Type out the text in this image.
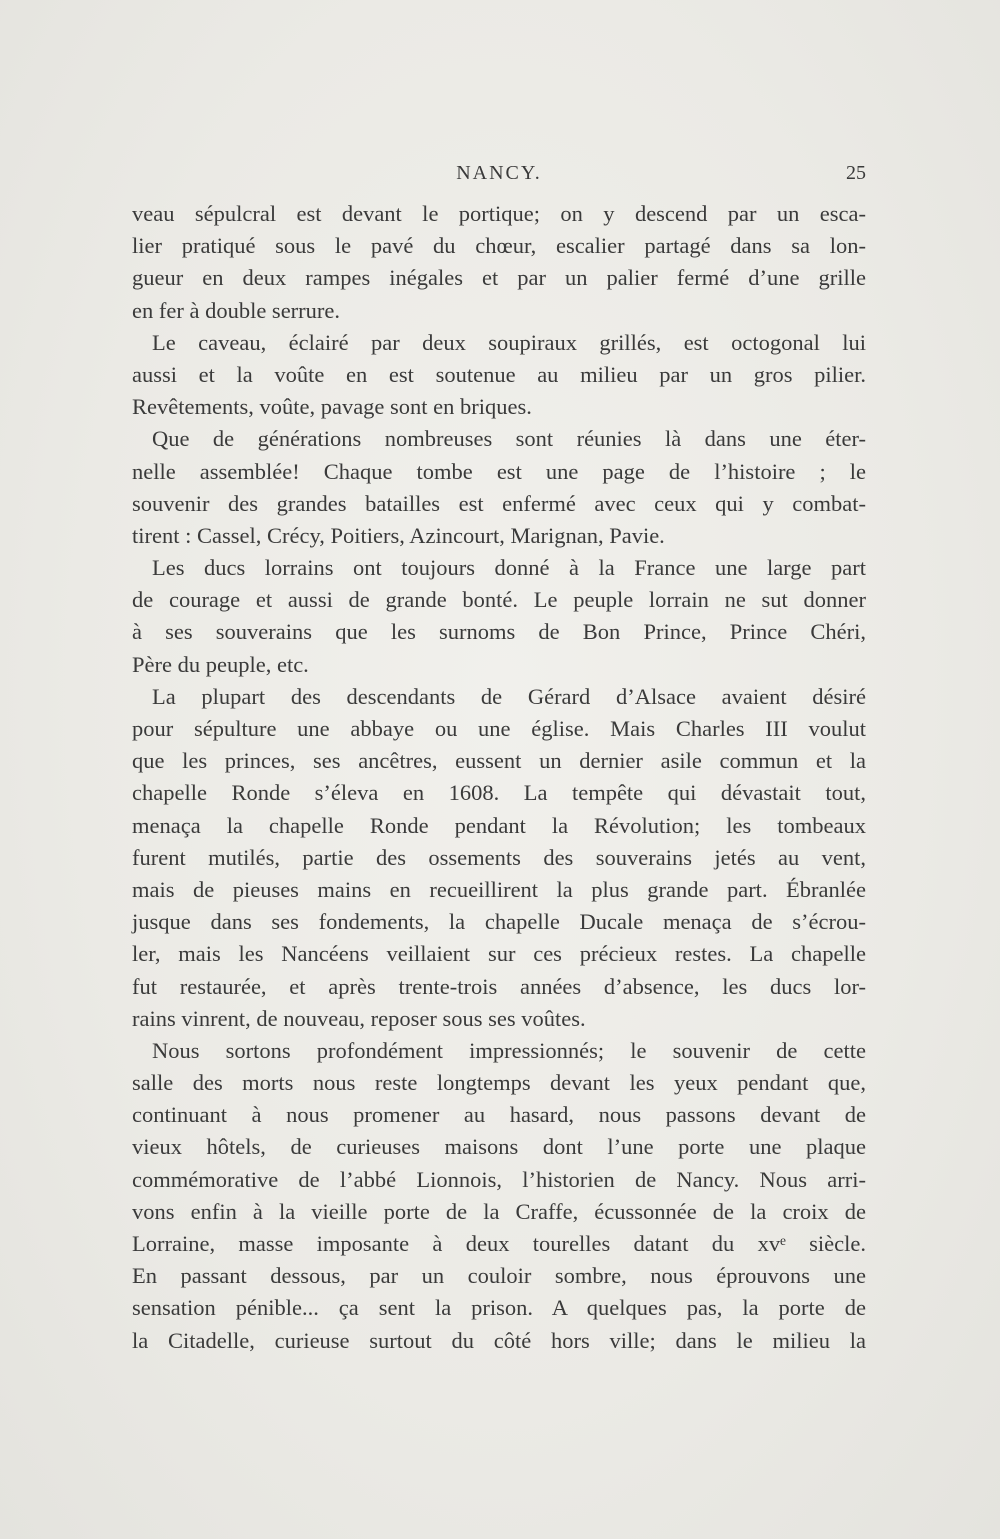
NANCY.	25
veau sépulcral est devant le portique; on y descend par un esca-
lier pratiqué sous le pavé du chœur, escalier partagé dans sa lon-
gueur en deux rampes inégales et par un palier fermé d’une grille
en fer à double serrure.
Le caveau, éclairé par deux soupiraux grillés, est octogonal lui
aussi et la voûte en est soutenue au milieu par un gros pilier.
Revêtements, voûte, pavage sont en briques.
Que de générations nombreuses sont réunies là dans une éter-
nelle assemblée! Chaque tombe est une page de l’histoire ; le
souvenir des grandes batailles est enfermé avec ceux qui y combat-
tirent : Cassel, Crécy, Poitiers, Azincourt, Marignan, Pavie.
Les ducs lorrains ont toujours donné à la France une large part
de courage et aussi de grande bonté. Le peuple lorrain ne sut donner
à ses souverains que les surnoms de Bon Prince, Prince Chéri,
Père du peuple, etc.
La plupart des descendants de Gérard d’Alsace avaient désiré
pour sépulture une abbaye ou une église. Mais Charles III voulut
que les princes, ses ancêtres, eussent un dernier asile commun et la
chapelle Ronde s’éleva en 1608. La tempête qui dévastait tout,
menaça la chapelle Ronde pendant la Révolution; les tombeaux
furent mutilés, partie des ossements des souverains jetés au vent,
mais de pieuses mains en recueillirent la plus grande part. Ébranlée
jusque dans ses fondements, la chapelle Ducale menaça de s’écrou-
ler, mais les Nancéens veillaient sur ces précieux restes. La chapelle
fut restaurée, et après trente-trois années d’absence, les ducs lor-
rains vinrent, de nouveau, reposer sous ses voûtes.
Nous sortons profondément impressionnés; le souvenir de cette
salle des morts nous reste longtemps devant les yeux pendant que,
continuant à nous promener au hasard, nous passons devant de
vieux hôtels, de curieuses maisons dont l’une porte une plaque
commémorative de l’abbé Lionnois, l’historien de Nancy. Nous arri-
vons enfin à la vieille porte de la Craffe, écussonnée de la croix de
Lorraine, masse imposante à deux tourelles datant du xvᵉ siècle.
En passant dessous, par un couloir sombre, nous éprouvons une
sensation pénible... ça sent la prison. A quelques pas, la porte de
la Citadelle, curieuse surtout du côté hors ville; dans le milieu la
